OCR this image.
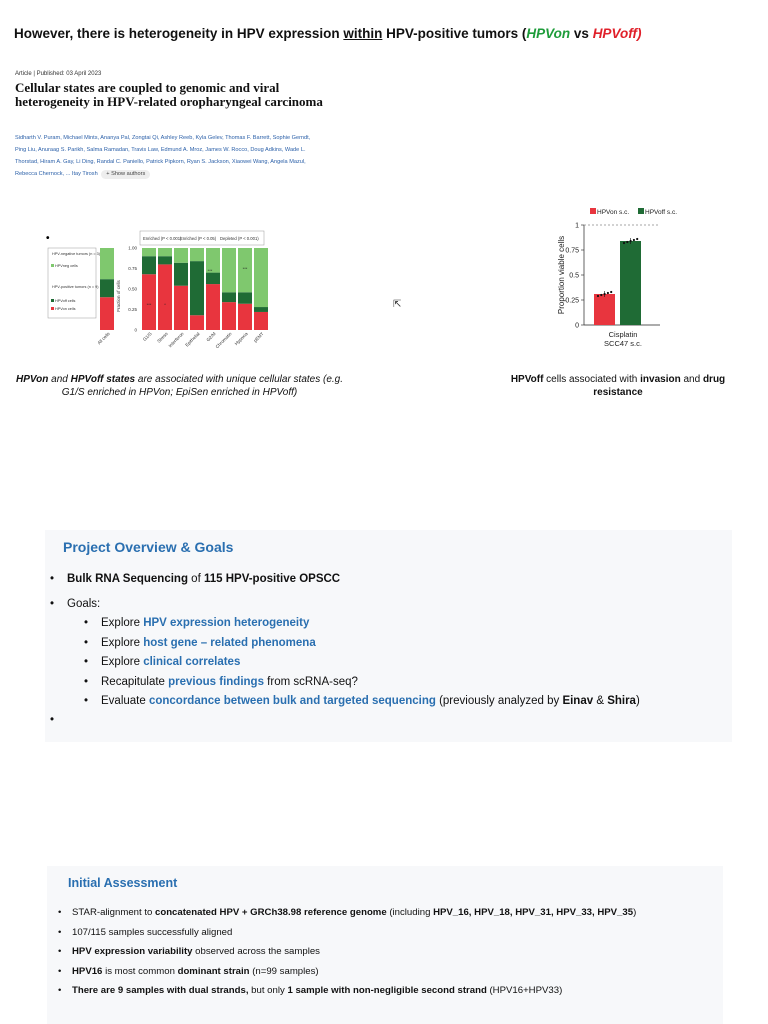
However, there is heterogeneity in HPV expression within HPV-positive tumors (HPVon vs HPVoff)
Article | Published: 03 April 2023
Cellular states are coupled to genomic and viral heterogeneity in HPV-related oropharyngeal carcinoma
Sidharth V. Puram, Michael Mints, Ananya Pal, Zongtai Qi, Ashley Reeb, Kyla Gelev, Thomas F. Barrett, Sophie Gerndt, Ping Liu, Anuraag S. Parikh, Salma Ramadan, Travis Law, Edmund A. Mroz, James W. Rocco, Doug Adkins, Wade L. Thorstad, Hiram A. Gay, Li Ding, Randal C. Paniello, Patrick Pipkorn, Ryan S. Jackson, Xiaowei Wang, Angela Mazul, Rebecca Chernock, ... Itay Tirosh + Show authors
•
HPV-negative tumors (n = 3)
HPVneg cells
HPV-positive tumors (n = 9)
HPVoff cells
HPVon cells
Enriched (P < 0.001)
Enriched (P < 0.05) Depleted (P < 0.001)
Fraction of cells
1.00
0.75
0.50
0.25
0
***	*
***	***
All cells	G1/S Stress
Interferon Epithelial G2/M
Chromatin Hypoxia pEMT
HPVon s.c. HPVoff s.c.
Proportion viable cells
1
0.75
0.5
0.25
0
Cisplatin
SCC47 s.c.
⇱
HPVon and HPVoff states are associated with unique cellular states (e.g. G1/S enriched in HPVon; EpiSen enriched in HPVoff)
HPVoff cells associated with invasion and drug resistance
Project Overview & Goals
• Bulk RNA Sequencing of 115 HPV-positive OPSCC
• Goals:
• Explore HPV expression heterogeneity
• Explore host gene – related phenomena
• Explore clinical correlates
• Recapitulate previous findings from scRNA-seq?
• Evaluate concordance between bulk and targeted sequencing (previously analyzed by Einav & Shira)
•
Initial Assessment
• STAR-alignment to concatenated HPV + GRCh38.98 reference genome (including HPV_16, HPV_18, HPV_31, HPV_33, HPV_35)
• 107/115 samples successfully aligned
• HPV expression variability observed across the samples
• HPV16 is most common dominant strain (n=99 samples)
• There are 9 samples with dual strands, but only 1 sample with non-negligible second strand (HPV16+HPV33)
